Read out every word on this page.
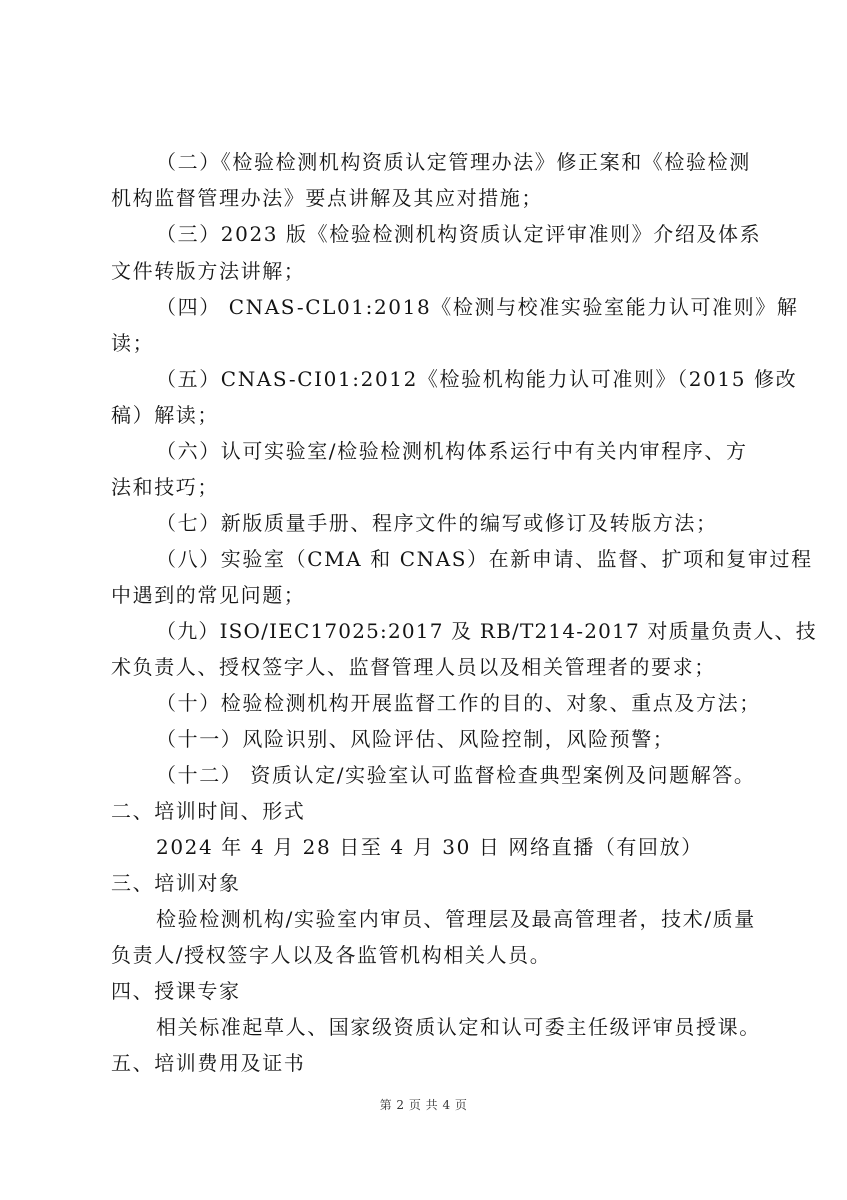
（二）《检验检测机构资质认定管理办法》修正案和《检验检测
机构监督管理办法》要点讲解及其应对措施；
（三）2023 版《检验检测机构资质认定评审准则》介绍及体系
文件转版方法讲解；
（四） CNAS-CL01:2018《检测与校准实验室能力认可准则》解
读；
（五）CNAS-CI01:2012《检验机构能力认可准则》（2015 修改
稿）解读；
（六）认可实验室/检验检测机构体系运行中有关内审程序、方
法和技巧；
（七）新版质量手册、程序文件的编写或修订及转版方法；
（八）实验室（CMA 和 CNAS）在新申请、监督、扩项和复审过程
中遇到的常见问题；
（九）ISO/IEC17025:2017 及 RB/T214-2017 对质量负责人、技
术负责人、授权签字人、监督管理人员以及相关管理者的要求；
（十）检验检测机构开展监督工作的目的、对象、重点及方法；
（十一）风险识别、风险评估、风险控制，风险预警；
（十二） 资质认定/实验室认可监督检查典型案例及问题解答。
二、培训时间、形式
2024 年 4 月 28 日至 4 月 30 日 网络直播（有回放）
三、培训对象
检验检测机构/实验室内审员、管理层及最高管理者，技术/质量
负责人/授权签字人以及各监管机构相关人员。
四、授课专家
相关标准起草人、国家级资质认定和认可委主任级评审员授课。
五、培训费用及证书
第 2 页 共 4 页
